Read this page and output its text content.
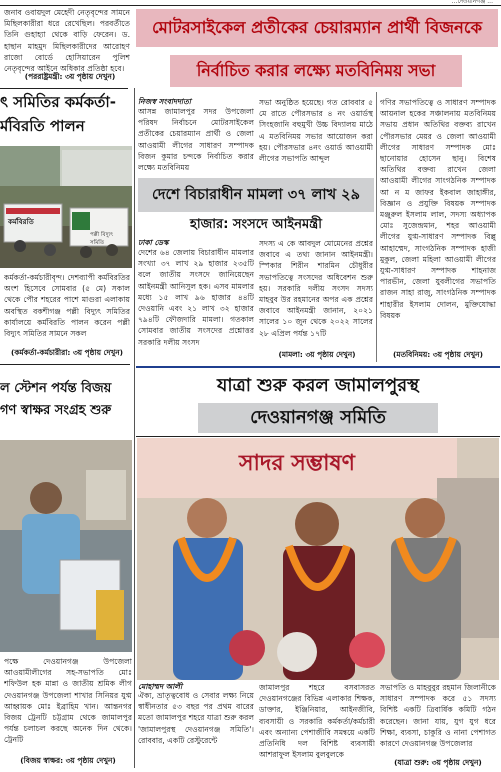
...দেওয়ানগঞ্জ ...
জনাব ওবায়দুল মেহেদী নেতৃবৃন্দের সামনে মিছিলকারীরা ধরে রেখেছিল। পরবর্তীতে তিনি গুহাহ্যা থেকে বাড়ি ফেরেন। ড. হাছান মাহমুদ মিছিলকারীদের আরোহণ রাজো বোর্ডে হোসিয়ারেন পুলিশ নেতৃবৃন্দের আইনে অধিকার প্রতিষ্ঠা হবে।
(পররাষ্ট্রমন্ত্রী: ৩য় পৃষ্ঠায় দেখুন)
মোটরসাইকেল প্রতীকের চেয়ারম্যান প্রার্থী বিজনকে
নির্বাচিত করার লক্ষ্যে মতবিনিময় সভা
ৎ সমিতির কর্মকর্তা-
র্মবিরতি পালন
কর্মবিরতি
পল্লী বিদ্যুৎ সমিতি
কর্মকর্তা-কর্মচারীবৃন্দ। দেশব্যাপী কর্মবিরতির অংশ হিসেবে সোমবার (৫ মে) সকাল থেকে পৌর শহরের পাশে মাগুরা এলাকায় অবস্থিত বকশীগঞ্জ পল্লী বিদ্যুৎ সমিতির কার্যালয়ে কর্মবিরতি পালন করেন পল্লী বিদ্যুৎ সমিতির সামনে সকল
(কর্মকর্তা-কর্মচারীরা: ৩য় পৃষ্ঠায় দেখুন)
ল স্টেশন পর্যন্ত বিজয়
গণ স্বাক্ষর সংগ্রহ শুরু
পক্ষে দেওয়ানগঞ্জ উপজেলা আওয়ামীলীগের সহ-সভাপতি মোঃ শফিউল হক মান্না ও জাতীয় শ্রমিক লীগ দেওয়ানগঞ্জ উপজেলা শাখার সিনিয়র যুগ্ম আহ্বায়ক মোঃ ইব্রাহিম খান। আন্তনগর বিজয় ট্রেনটি চট্টগ্রাম থেকে জামালপুর পর্যন্ত চলাচল করছে অনেক দিন থেকে। ট্রেনটি
(বিজয় স্বাক্ষর: ৩য় পৃষ্ঠায় দেখুন)
নিজস্ব সংবাদদাতা
আসন্ন জামালপুর সদর উপজেলা পরিষদ নির্বাচনে মোটরসাইকেল প্রতীকের চেয়ারম্যান প্রার্থী ও জেলা আওয়ামী লীগের সাধারণ সম্পাদক বিজন কুমার চন্দকে নির্বাচিত করার লক্ষ্যে মতবিনিময়
সভা অনুষ্ঠিত হয়েছে। গত রোববার ৫ মে রাতে পৌরসভার ৪ নং ওয়ার্ডস্থ সিংহজানি বহুমুখী উচ্চ বিদ্যালয় মাঠে এ মতবিনিময় সভার আয়োজন করা হয়। পৌরসভার ৪নং ওয়ার্ড আওয়ামী লীগের সভাপতি আব্দুল
গণির সভাপতিত্বে ও সাধারণ সম্পাদক আয়নাল হকের সঞ্চালনায় মতবিনিময় সভায় প্রধান অতিথির বক্তব্য রাখেন পৌরসভার মেয়র ও জেলা আওয়ামী লীগের সাধারণ সম্পাদক মোঃ ছানোয়ার হোসেন ছানু। বিশেষ অতিথির বক্তব্য রাখেন জেলা আওয়ামী লীগের সাংগঠনিক সম্পাদক আ ন ম জাফর ইকবাল জাহাঙ্গীর, বিজ্ঞান ও প্রযুক্তি বিষয়ক সম্পাদক মঞ্জুরুল ইসলাম লাল, সদস্য অধ্যাপক মোঃ সুজেন্দ্রমান, শহর আওয়ামী লীগের যুগ্ম-সাধারণ সম্পাদক বিল্লু আহাম্মেদ, সাংগঠনিক সম্পাদক হাজী মুকুল, জেলা মহিলা আওয়ামী লীগের যুগ্ম-সাধারণ সম্পাদক শাহনাজ পারভীন, জেলা যুবলীগের সভাপতি রাজন সাহা রাজু, সাংগঠনিক সম্পাদক শাহারীর ইসলাম দোলন, মুক্তিযোদ্ধা বিষয়ক
(মতবিনিময়: ৩য় পৃষ্ঠায় দেখুন)
দেশে বিচারাধীন মামলা ৩৭ লাখ ২৯
হাজার: সংসদে আইনমন্ত্রী
ঢাকা ডেস্ক
দেশের ৬৪ জেলায় বিচারাধীন মামলার সংখ্যা ৩৭ লাখ ২৯ হাজার ২৩৫টি বলে জাতীয় সংসদে জানিয়েছেন আইনমন্ত্রী আনিসুল হক। এসব মামলার মধ্যে ১৫ লাখ ৯৬ হাজার ৪৪টি দেওয়ানি এবং ২১ লাখ ৩২ হাজার ৭৯৪টি ফৌজদারি মামলা। গতকাল সোমবার জাতীয় সংসদের প্রশ্নোত্তর সরকারি দলীয় সংসদ
সদস্য এ কে আবদুল মোমেনের প্রশ্নের জবাবে এ তথ্য জানান আইনমন্ত্রী। স্পিকার শিরীন শারমিন চৌধুরীর সভাপতিত্বে সংসদের অধিবেশন শুরু হয়। সরকারি দলীয় সংসদ সদস্য মাহবুব উর রহমানের অপর এক প্রশ্নের জবাবে আইনমন্ত্রী জানান, ২০২১ সালের ১০ জুন থেকে ২০২২ সালের ২৮ এপ্রিল পর্যন্ত ১৭টি
(মামলা: ৩য় পৃষ্ঠায় দেখুন)
যাত্রা শুরু করল জামালপুরস্থ
দেওয়ানগঞ্জ সমিতি
সাদর সম্ভাষণ
মোহাম্মদ আলী
ঐক্য, ভ্রাতৃত্ববোধ ও সেবার লক্ষ্য নিয়ে স্বাধীনতার ৫৩ বছর পর প্রথম বারের মতো জামালপুর শহরে যাত্রা শুরু করল 'জামালপুরস্থ দেওয়ানগঞ্জ সমিতি'। রোববার, একটি রেস্টুরেন্টে
জামালপুর শহরে বসবাসরত দেওয়ানগঞ্জের বিভিন্ন এলাকার শিক্ষক, ডাক্তার, ইঞ্জিনিয়ার, আইনজীবি, ব্যবসায়ী ও সরকারি কর্মকর্তা/কর্মচারী এবং অন্যান্য পেশাজীবি সমন্বয়ে একটি প্রতিনিধি দল বিশিষ্ট ব্যবসায়ী আশরাফুল ইসলাম বুলবুলকে
সভাপতি ও মাহবুবুর রহমান জিলানীকে সাধারণ সম্পাদক করে ৫১ সদস্য বিশিষ্ট একটি ত্রিবার্ষিক কমিটি গঠন করেছেন। জানা যায়, যুগ যুগ ধরে শিক্ষা, ব্যবসা, চাকুরি ও নানা পেশাগত কারণে দেওয়ানগঞ্জ উপজেলার
(যাত্রা শুরু: ৩য় পৃষ্ঠায় দেখুন)
